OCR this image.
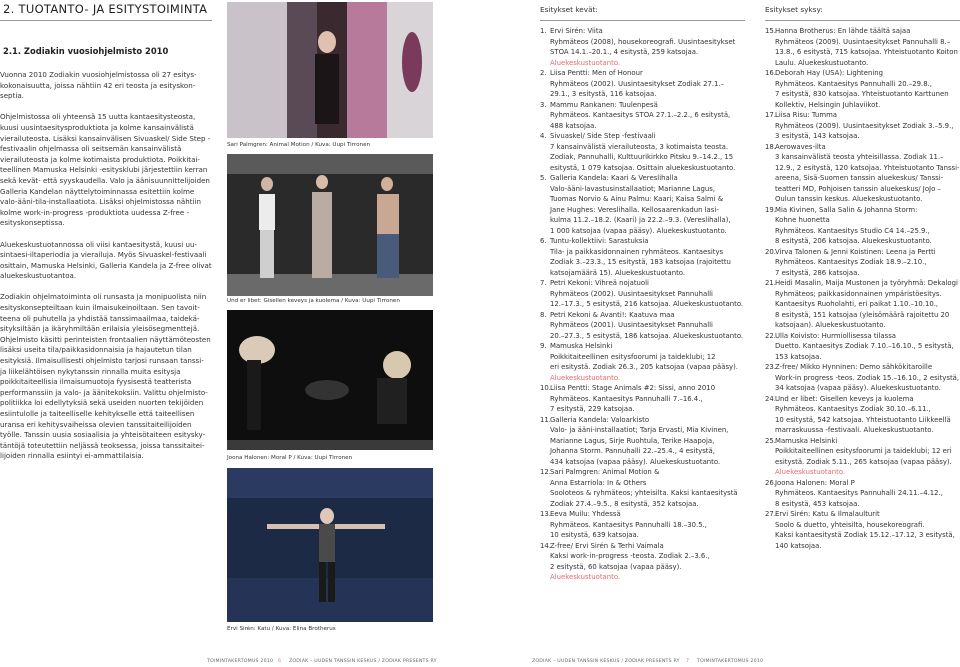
2. TUOTANTO- JA ESITYSTOIMINTA
2.1. Zodiakin vuosiohjelmisto 2010

Vuonna 2010 Zodiakin vuosiohjelmistossa oli 27 esityskokonaisuutta, joissa nähtiin 42 eri teosta ja esityskonseptia.

Ohjelmistossa oli yhteensä 15 uutta kantaesitysteosta, kuusi uusintaesitysproduktiota ja kolme kansainvälistä vierailuteosta. Lisäksi kansainvälisen Sivuaskel/ Side Step -festivaalin ohjelmassa oli seitsemän kansainvälistä vierailuteosta ja kolme kotimaista produktiota. Poikkitaiteellinen Mamuska Helsinki -esitysklubi järjestettiin kerran sekä kevät- että syyskaudella. Valo ja äänisuunnittelijoiden Galleria Kandelan näyttelytoiminnassa esitettiin kolme valo-ääni-tila-installaatiota. Lisäksi ohjelmistossa nähtiin kolme work-in-progress -produktiota uudessa Z-free -esityskonseptissa.

Aluekeskustuotannossa oli viisi kantaesitystä, kuusi uusintaesi-iltaperiodia ja vierailuja. Myös Sivuaskel-festivaali osittain, Mamuska Helsinki, Galleria Kandela ja Z-free olivat aluekeskustuotantoa.

Zodiakin ohjelmatoiminta oli runsasta ja monipuolista niin esityskonsepteiltaan kuin ilmaisukeinoiltaan. Sen tavoitteena oli puhutella ja yhdistää tanssimaailmaa, taidekäsityksiltään ja ikäryhmiltään erilaisia yleisösegmenttejä. Ohjelmisto käsitti perinteisten frontaalien näyttämöteosten lisäksi useita tila/paikkasidonnaisia ja hajautetun tilan esityksiä. Ilmaisullisesti ohjelmisto tarjosi runsaan tanssi- ja liikelähtöisen nykytanssin rinnalla muita esitysja poikkitaiteellisia ilmaisumuotoja fyysisestä teatterista performanssiin ja valo- ja äänitekoksiin. Valittu ohjelmistopolitiikka loi edellytyksiä sekä useiden nuorten tekijöiden esiintulolle ja taiteelliselle kehitykselle että taiteellisen uransa eri kehitysvaiheissa olevien tanssitaiteilijoiden työlle. Tanssin uusia sosiaalisia ja yhteisötaiteen esityskytäntöjä toteutettiin neljässä teoksessa, joissa tanssitaiteilijoiden rinnalla esiintyi ei-ammattilaisia.

Sari Palmgren: Animal Motion / Kuva: Uupi Tirronen
Und er libet: Gisellen keveys ja kuolema / Kuva: Uupi Tirronen
Joona Halonen: Moral P / Kuva: Uupi Tirronen
Ervi Sirén: Katu / Kuva: Elina Brotherus
Esitykset kevät:
1. Ervi Sirén: Viita
Ryhmäteos (2008), housekoreografi. Uusintaesitykset
STOA 14.1.–20.1., 4 esitystä, 259 katsojaa.
Aluekeskustuotanto.
2. Liisa Pentti: Men of Honour
Ryhmäteos (2002). Uusintaesitykset Zodiak 27.1.–
29.1., 3 esitystä, 116 katsojaa.
3. Mammu Rankanen: Tuulenpesä
Ryhmäteos. Kantaesitys STOA 27.1.–2.2., 6 esitystä,
488 katsojaa.
4. Sivuaskel/ Side Step -festivaali
7 kansainvälistä vierailuteosta, 3 kotimaista teosta.
Zodiak, Pannuhalli, Kulttuurikirkko Pitsku 9.–14.2., 15
esitystä, 1 079 katsojaa. Osittain aluekeskustuotanto.
5. Galleria Kandela: Kaari & Vereslihalla
Valo-ääni-lavastusinstallaatiot; Marianne Lagus,
Tuomas Norvio & Ainu Palmu: Kaari; Kaisa Salmi &
Jane Hughes: Vereslihalla. Kellosaarenkadun lasi-
kulma 11.2.–18.2. (Kaari) ja 22.2.–9.3. (Vereslihalla),
1 000 katsojaa (vapaa pääsy). Aluekeskustuotanto.
6. Tuntu-kollektiivi: Sarastuksia
Tila- ja paikkasidonnainen ryhmäteos. Kantaesitys
Zodiak 3.–23.3., 15 esitystä, 183 katsojaa (rajoitettu
katsojamäärä 15). Aluekeskustuotanto.
7. Petri Kekoni: Vihreä nojatuoli
Ryhmäteos (2002). Uusintaesitykset Pannuhalli
12.–17.3., 5 esitystä, 216 katsojaa. Aluekeskustuotanto.
8. Petri Kekoni & Avanti!: Kaatuva maa
Ryhmäteos (2001). Uusintaesitykset Pannuhalli
20.–27.3., 5 esitystä, 186 katsojaa. Aluekeskustuotanto.
9. Mamuska Helsinki
Poikkitaiteellinen esitysfoorumi ja taideklubi; 12
eri esitystä. Zodiak 26.3., 205 katsojaa (vapaa pääsy).
Aluekeskustuotanto.
10.Liisa Pentti: Stage Animals #2: Sissi, anno 2010
Ryhmäteos. Kantaesitys Pannuhalli 7.–16.4.,
7 esitystä, 229 katsojaa.
11.Galleria Kandela: Valoarkisto
Valo- ja ääni-installaatiot; Tarja Ervasti, Mia Kivinen,
Marianne Lagus, Sirje Ruohtula, Terike Haapoja,
Johanna Storm. Pannuhalli 22.–25.4., 4 esitystä,
434 katsojaa (vapaa pääsy). Aluekeskustuotanto.
12.Sari Palmgren: Animal Motion &
Anna Estarriola: In & Others
Sooloteos & ryhmäteos; yhteisilta. Kaksi kantaesitystä
Zodiak 27.4.–9.5., 8 esitystä, 352 katsojaa.
13.Eeva Muilu: Yhdessä
Ryhmäteos. Kantaesitys Pannuhalli 18.–30.5.,
10 esitystä, 639 katsojaa.
14.Z-free/ Ervi Sirén & Terhi Vaimala
Kaksi work-in-progress -teosta. Zodiak 2.–3.6.,
2 esitystä, 60 katsojaa (vapaa pääsy).
Aluekeskustuotanto.
Esitykset syksy:
15.Hanna Brotherus: En lähde täältä sajaa
Ryhmäteos (2009). Uusintaesitykset Pannuhalli 8.–
13.8., 6 esitystä, 715 katsojaa. Yhteistuotanto Koiton
Laulu. Aluekeskustuotanto.
16.Deborah Hay (USA): Lightening
Ryhmäteos. Kantaesitys Pannuhalli 20.–29.8.,
7 esitystä, 830 katsojaa. Yhteistuotanto Karttunen
Kollektiv, Helsingin Juhlaviikot.
17.Liisa Risu: Tumma
Ryhmäteos (2009). Uusintaesitykset Zodiak 3.–5.9.,
3 esitystä, 143 katsojaa.
18.Aerowaves-ilta
3 kansainvälistä teosta yhteisillassa. Zodiak 11.–
12.9., 2 esitystä, 120 katsojaa. Yhteistuotanto Tanssi-
areena, Sisä-Suomen tanssin aluekeskus/ Tanssi-
teatteri MD, Pohjoisen tanssin aluekeskus/ JoJo –
Oulun tanssin keskus. Aluekeskustuotanto.
19.Mia Kivinen, Salla Salin & Johanna Storm:
Kohne huonetta
Ryhmäteos. Kantaesitys Studio C4 14.–25.9.,
8 esitystä, 206 katsojaa. Aluekeskustuotanto.
20.Virva Talonen & Jenni Koistinen: Leena ja Pertti
Ryhmäteos. Kantaesitys Zodiak 18.9.–2.10.,
7 esitystä, 286 katsojaa.
21.Heidi Masalin, Maija Mustonen ja työryhmä: Dekalogi
Ryhmäteos; paikkasidonnainen ympäristöesitys.
Kantaesitys Ruoholahti, eri paikat 1.10.–10.10.,
8 esitystä, 151 katsojaa (yleisömäärä rajoitettu 20
katsojaan). Aluekeskustuotanto.
22.Ulla Koivisto: Hurmiollisessa tilassa
Duetto. Kantaesitys Zodiak 7.10.–16.10., 5 esitystä,
153 katsojaa.
23.Z-free/ Mikko Hynninen: Demo sähkökitaroille
Work-in progress -teos. Zodiak 15.–16.10., 2 esitystä,
34 katsojaa (vapaa pääsy). Aluekeskustuotanto.
24.Und er libet: Gisellen keveys ja kuolema
Ryhmäteos. Kantaesitys Zodiak 30.10.–6.11.,
10 esitystä, 542 katsojaa. Yhteistuotanto Liikkeellä
marraskuussa -festivaali. Aluekeskustuotanto.
25.Mamuska Helsinki
Poikkitaiteellinen esitysfoorumi ja taideklubi; 12 eri
esitystä. Zodiak 5.11., 265 katsojaa (vapaa pääsy).
Aluekeskustuotanto.
26.Joona Halonen: Moral P
Ryhmäteos. Kantaesitys Pannuhalli 24.11.–4.12.,
8 esitystä, 453 katsojaa.
27.Ervi Sirén: Katu & Ilmalaulturit
Soolo & duetto, yhteisilta, housekoreografi.
Kaksi kantaesitystä Zodiak 15.12.–17.12, 3 esitystä,
140 katsojaa.
TOIMINTAKERTOMUS 2010 6 ZODIAK – UUDEN TANSSIN KESKUS / ZODIAK PRESENTS RY	ZODIAK – UUDEN TANSSIN KESKUS / ZODIAK PRESENTS RY 7 TOIMINTAKERTOMUS 2010
